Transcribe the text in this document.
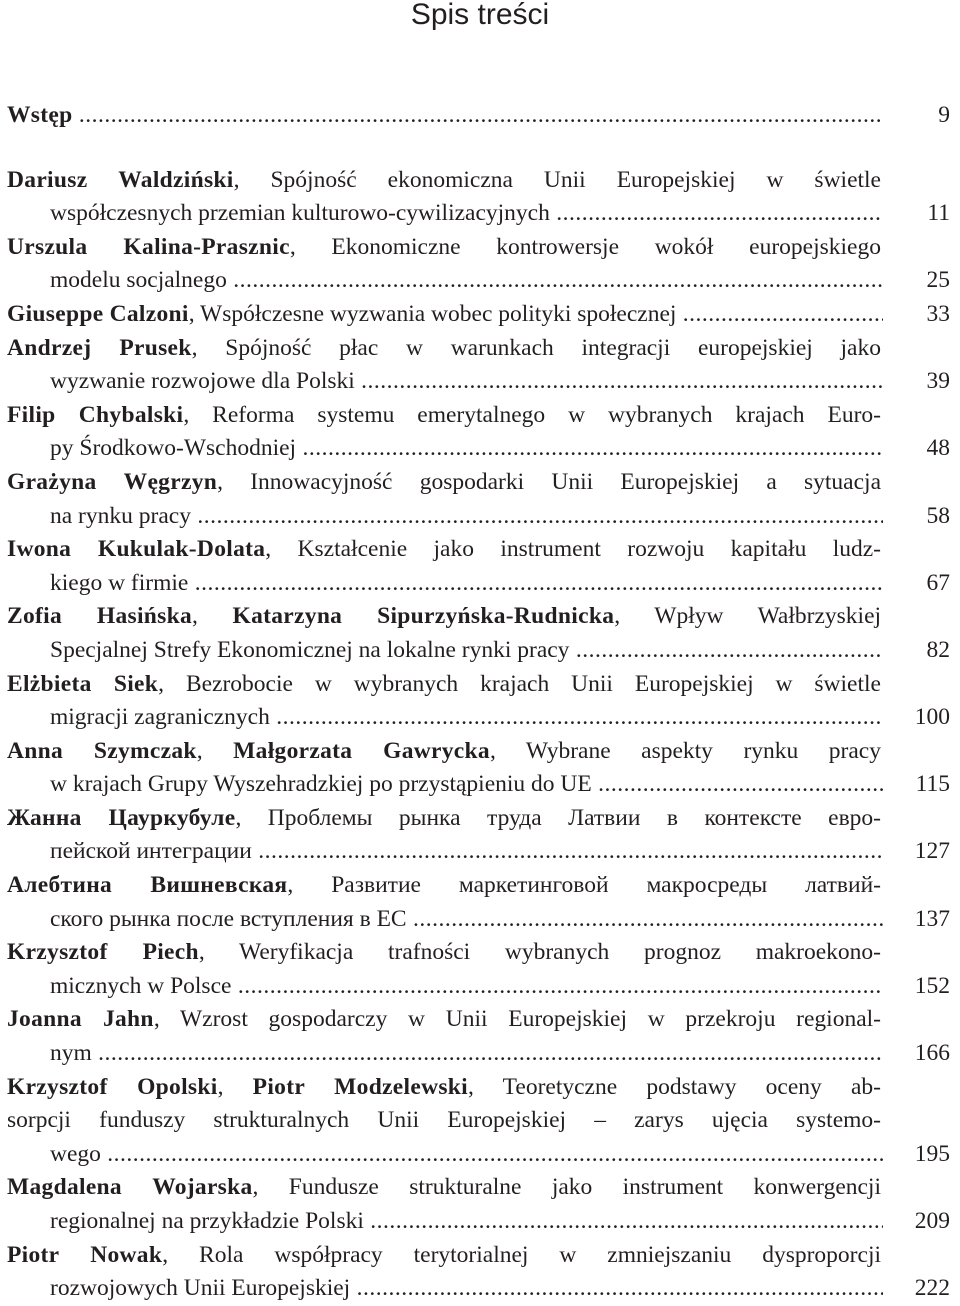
Spis treści
9
Wstęp .....
Dariusz Waldziński, Spójność ekonomiczna Unii Europejskiej w świetle
11
współczesnych przemian kulturowo-cywilizacyjnych .....
Urszula Kalina-Prasznic, Ekonomiczne kontrowersje wokół europejskiego
25
modelu socjalnego .....
33
Giuseppe Calzoni, Współczesne wyzwania wobec polityki społecznej .....
Andrzej Prusek, Spójność płac w warunkach integracji europejskiej jako
39
wyzwanie rozwojowe dla Polski .....
Filip Chybalski, Reforma systemu emerytalnego w wybranych krajach Euro-
48
py Środkowo-Wschodniej .....
Grażyna Węgrzyn, Innowacyjność gospodarki Unii Europejskiej a sytuacja
58
na rynku pracy .....
Iwona Kukulak-Dolata, Kształcenie jako instrument rozwoju kapitału ludz-
67
kiego w firmie .....
Zofia Hasińska, Katarzyna Sipurzyńska-Rudnicka, Wpływ Wałbrzyskiej
82
Specjalnej Strefy Ekonomicznej na lokalne rynki pracy .....
Elżbieta Siek, Bezrobocie w wybranych krajach Unii Europejskiej w świetle
100
migracji zagranicznych .....
Anna Szymczak, Małgorzata Gawrycka, Wybrane aspekty rynku pracy
115
w krajach Grupy Wyszehradzkiej po przystąpieniu do UE .....
Жанна Цауркубуле, Проблемы рынка труда Латвии в контексте евро-
127
пейской интеграции .....
Алебтина Вишневская, Развитие маркетинговой макросреды латвий-
137
ского рынка после вступления в ЕС .....
Krzysztof Piech, Weryfikacja trafności wybranych prognoz makroekono-
152
micznych w Polsce .....
Joanna Jahn, Wzrost gospodarczy w Unii Europejskiej w przekroju regional-
166
nym .....
Krzysztof Opolski, Piotr Modzelewski, Teoretyczne podstawy oceny ab-
sorpcji funduszy strukturalnych Unii Europejskiej – zarys ujęcia systemo-
195
wego .....
Magdalena Wojarska, Fundusze strukturalne jako instrument konwergencji
209
regionalnej na przykładzie Polski .....
Piotr Nowak, Rola współpracy terytorialnej w zmniejszaniu dysproporcji
222
rozwojowych Unii Europejskiej .....
